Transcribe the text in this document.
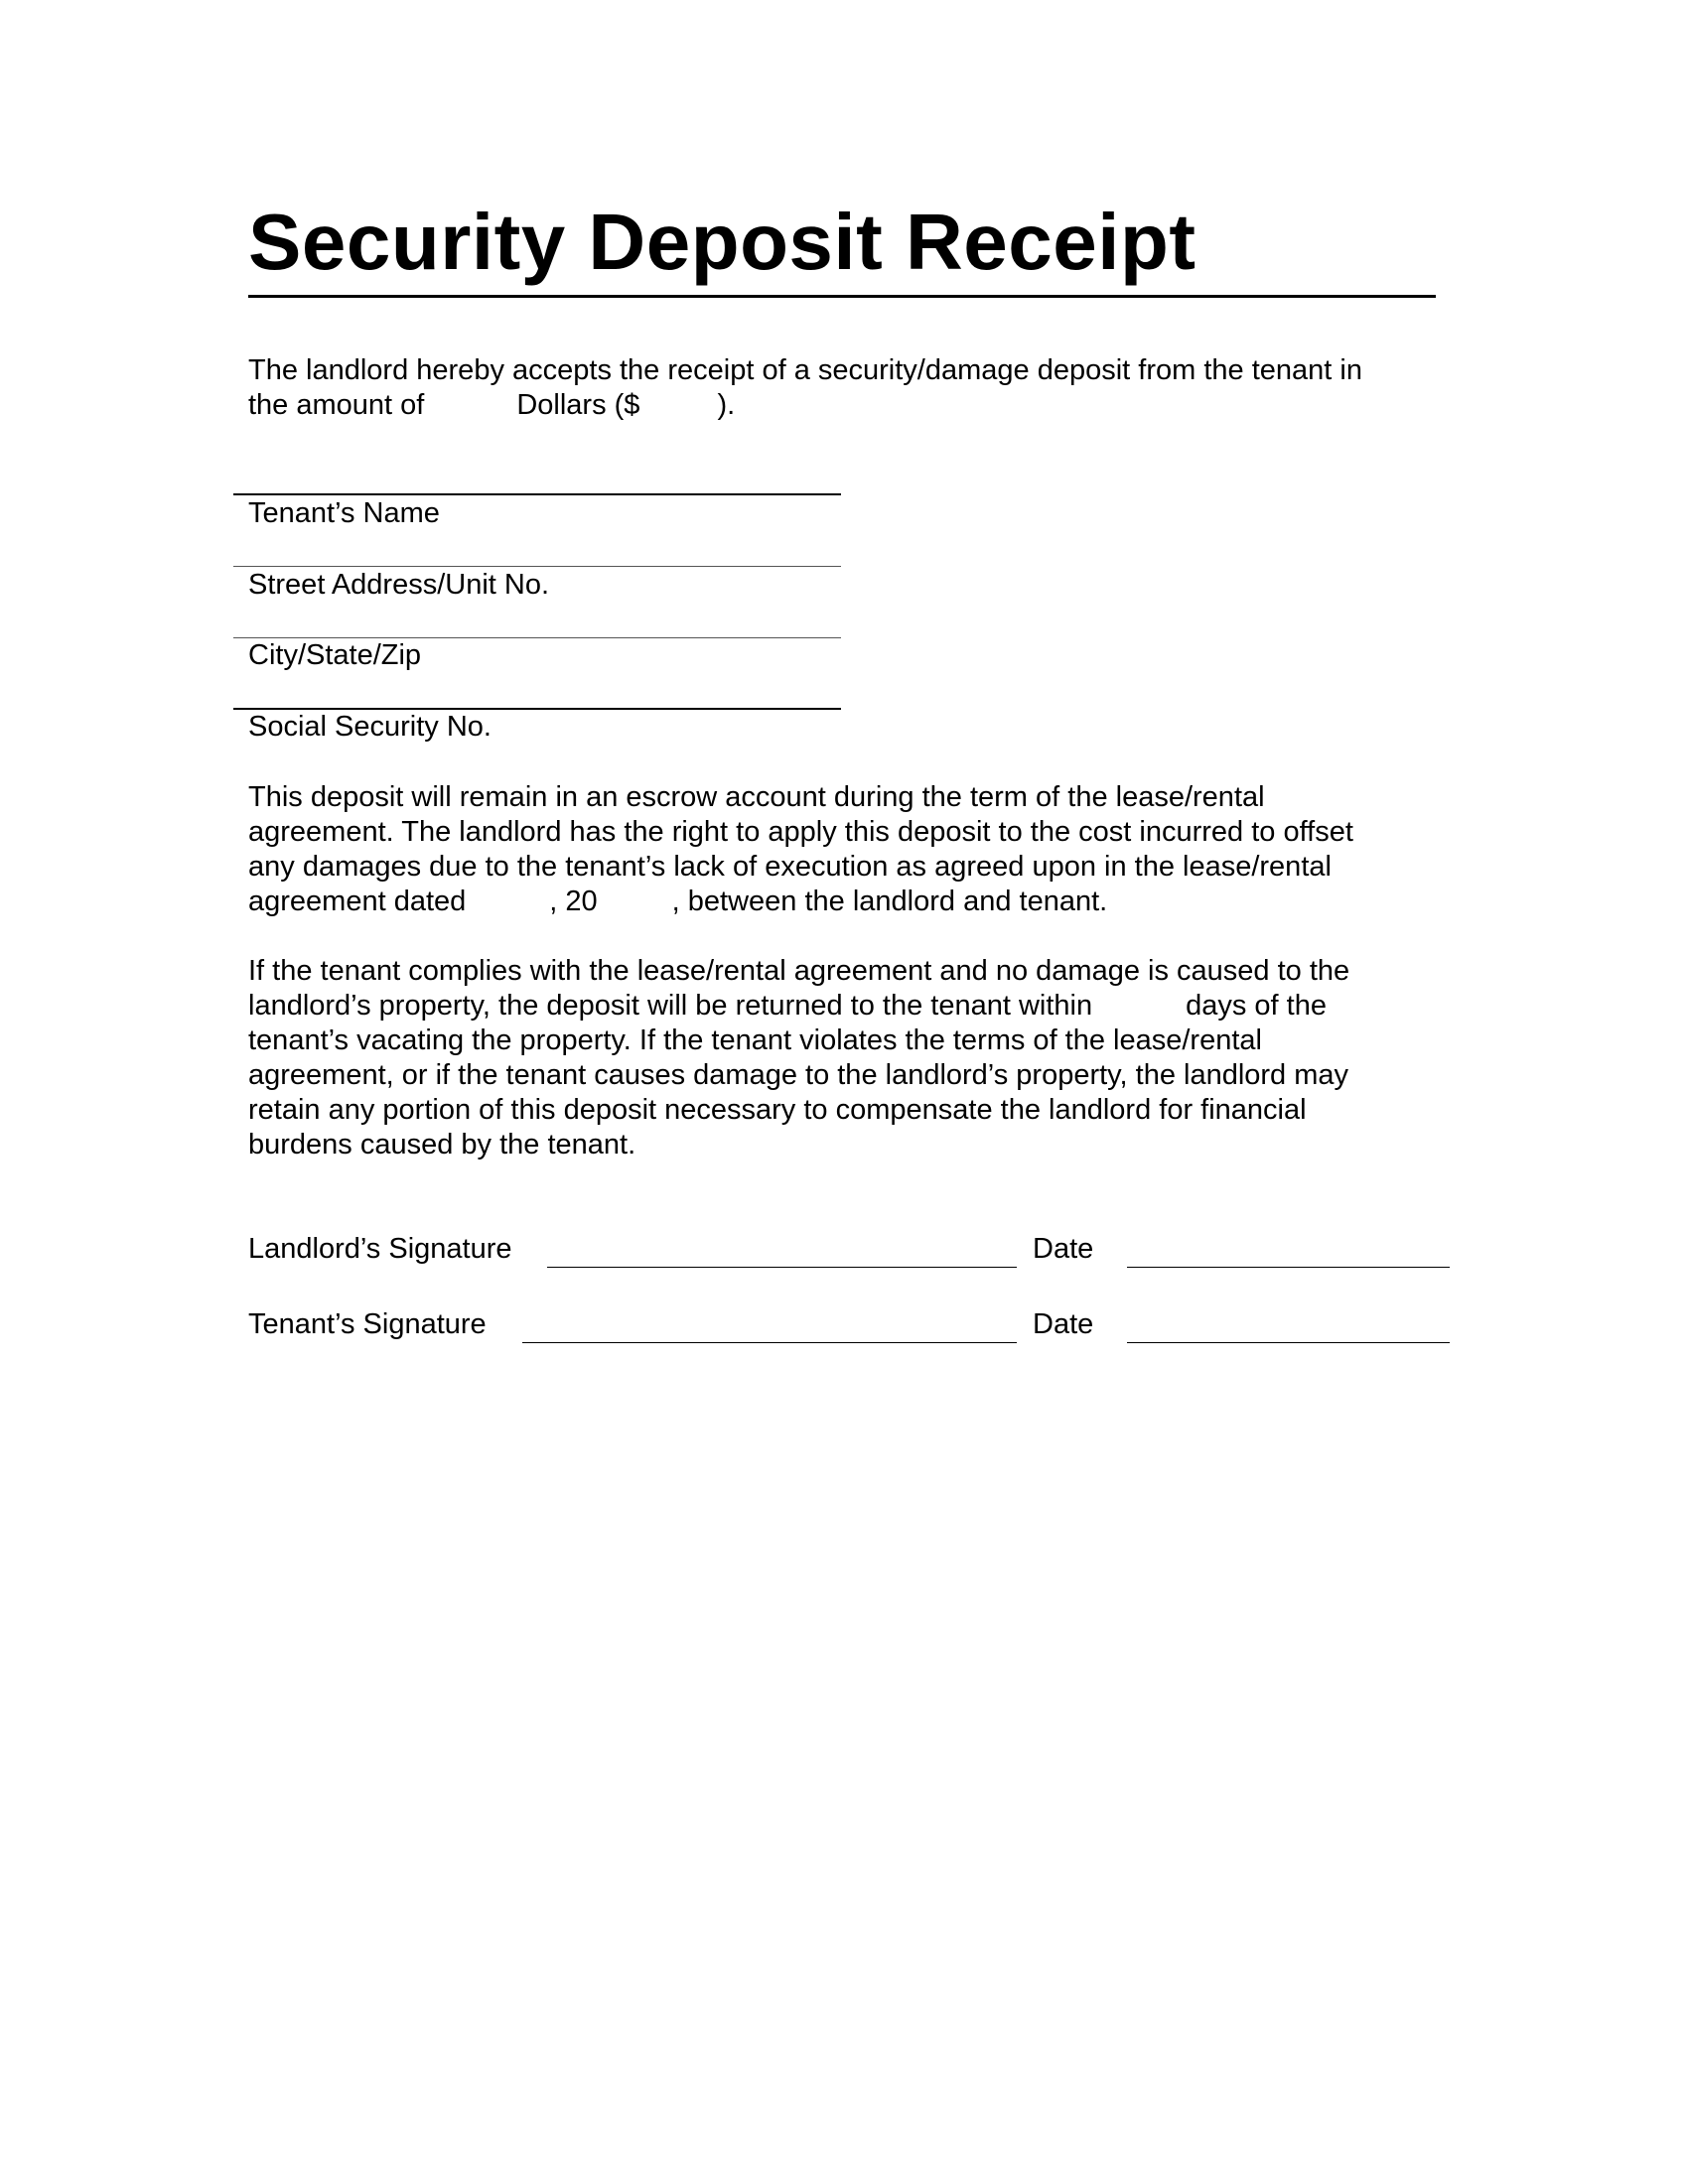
Security Deposit Receipt
The landlord hereby accepts the receipt of a security/damage deposit from the tenant in
the amount of	Dollars ($	).
Tenant’s Name
Street Address/Unit No.
City/State/Zip
Social Security No.
This deposit will remain in an escrow account during the term of the lease/rental
agreement. The landlord has the right to apply this deposit to the cost incurred to offset
any damages due to the tenant’s lack of execution as agreed upon in the lease/rental
agreement dated	, 20	, between the landlord and tenant.
If the tenant complies with the lease/rental agreement and no damage is caused to the
landlord’s property, the deposit will be returned to the tenant within	days of the
tenant’s vacating the property. If the tenant violates the terms of the lease/rental
agreement, or if the tenant causes damage to the landlord’s property, the landlord may
retain any portion of this deposit necessary to compensate the landlord for financial
burdens caused by the tenant.
Landlord’s Signature	Date
Tenant’s Signature	Date
